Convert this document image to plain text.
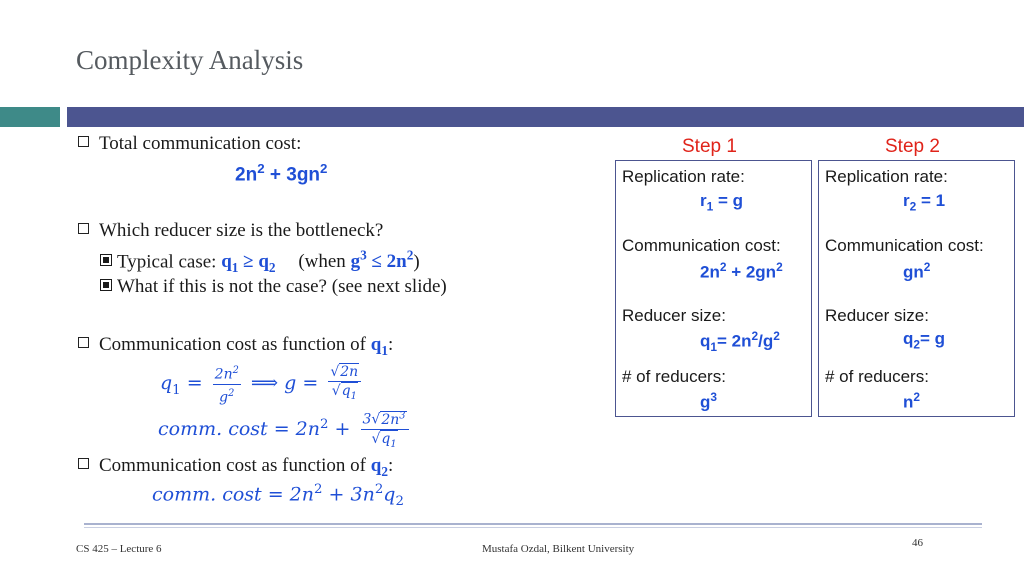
Complexity Analysis
Total communication cost:
$2n^2 + 3gn^2$
Which reducer size is the bottleneck?
Typical case: $q_1 \ge q_2$ (when $g^3 \le 2n^2$)
What if this is not the case? (see next slide)
Communication cost as function of $q_1$:
$q_1 = \frac{2n^2}{g^2}$ ⟹ $g = \frac{√2n}{√q_1}$
comm. $\cos t = 2n^2 + \frac{3√2n^3}{√q_1}$
Communication cost as function of $q_2$:
comm. $\cos t = 2n^2 + 3n^2q_2$
Step 1	Step 2
Replication rate:
$r_1 = g$
Communication cost:
$2n^2 + 2gn^2$
Reducer size:
$q_1= 2n^2/g^2$
# of reducers:
$g^3$
Replication rate:
$r_2 = 1$
Communication cost:
$gn^2$
Reducer size:
$q_2= g$
# of reducers:
$n^2$
46
CS 425 – Lecture 6	Mustafa Ozdal, Bilkent University
